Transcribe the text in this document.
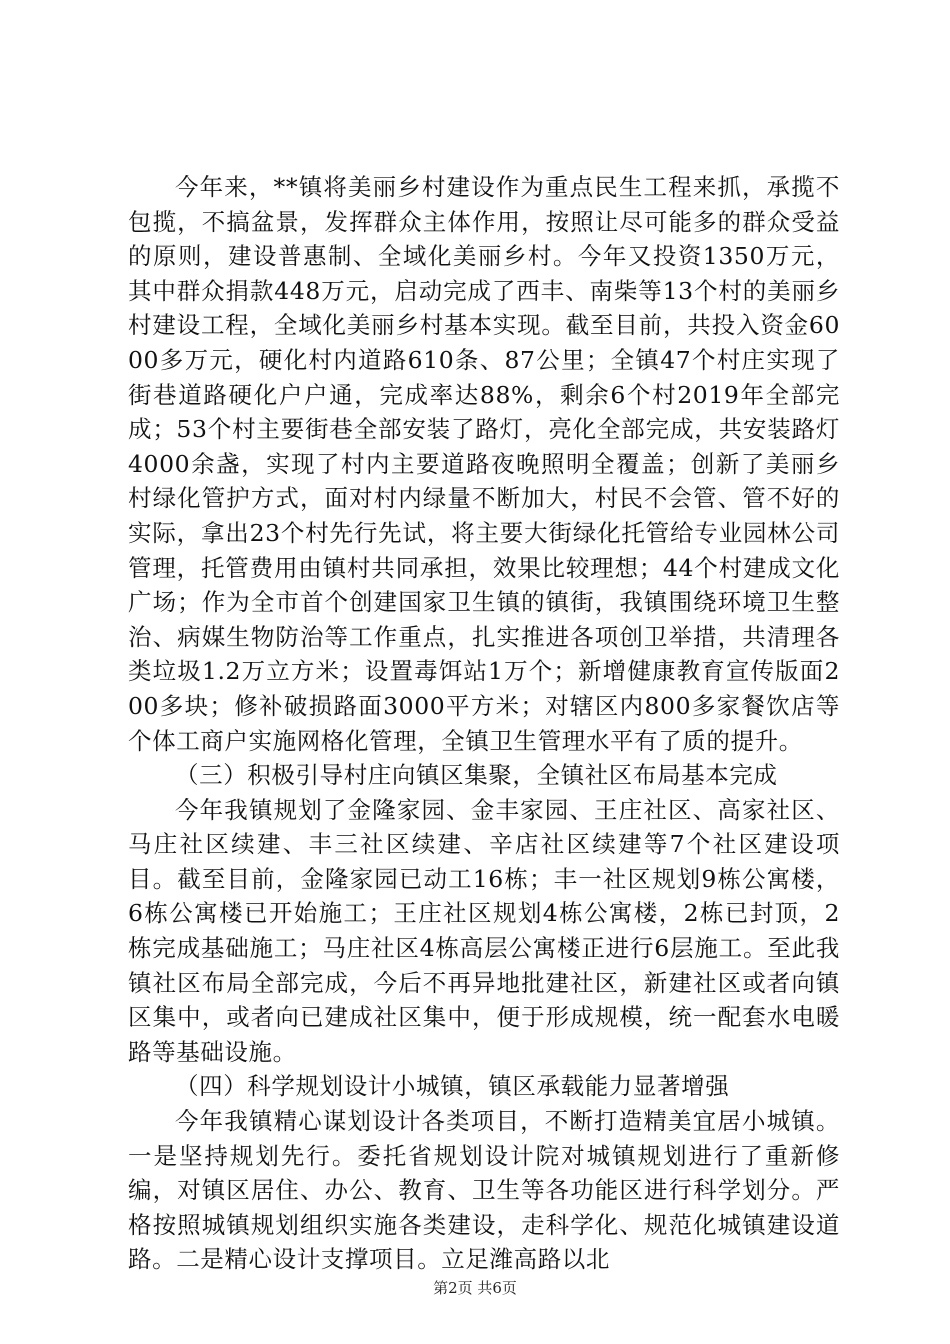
今年来，**镇将美丽乡村建设作为重点民生工程来抓，承揽不包揽，不搞盆景，发挥群众主体作用，按照让尽可能多的群众受益的原则，建设普惠制、全域化美丽乡村。今年又投资1350万元，其中群众捐款448万元，启动完成了西丰、南柴等13个村的美丽乡村建设工程，全域化美丽乡村基本实现。截至目前，共投入资金6000多万元，硬化村内道路610条、87公里；全镇47个村庄实现了街巷道路硬化户户通，完成率达88%，剩余6个村2019年全部完成；53个村主要街巷全部安装了路灯，亮化全部完成，共安装路灯4000余盏，实现了村内主要道路夜晚照明全覆盖；创新了美丽乡村绿化管护方式，面对村内绿量不断加大，村民不会管、管不好的实际，拿出23个村先行先试，将主要大街绿化托管给专业园林公司管理，托管费用由镇村共同承担，效果比较理想；44个村建成文化广场；作为全市首个创建国家卫生镇的镇街，我镇围绕环境卫生整治、病媒生物防治等工作重点，扎实推进各项创卫举措，共清理各类垃圾1.2万立方米；设置毒饵站1万个；新增健康教育宣传版面200多块；修补破损路面3000平方米；对辖区内800多家餐饮店等个体工商户实施网格化管理，全镇卫生管理水平有了质的提升。

（三）积极引导村庄向镇区集聚，全镇社区布局基本完成

今年我镇规划了金隆家园、金丰家园、王庄社区、高家社区、马庄社区续建、丰三社区续建、辛店社区续建等7个社区建设项目。截至目前，金隆家园已动工16栋；丰一社区规划9栋公寓楼，6栋公寓楼已开始施工；王庄社区规划4栋公寓楼，2栋已封顶，2栋完成基础施工；马庄社区4栋高层公寓楼正进行6层施工。至此我镇社区布局全部完成，今后不再异地批建社区，新建社区或者向镇区集中，或者向已建成社区集中，便于形成规模，统一配套水电暖路等基础设施。

（四）科学规划设计小城镇，镇区承载能力显著增强

今年我镇精心谋划设计各类项目，不断打造精美宜居小城镇。一是坚持规划先行。委托省规划设计院对城镇规划进行了重新修编，对镇区居住、办公、教育、卫生等各功能区进行科学划分。严格按照城镇规划组织实施各类建设，走科学化、规范化城镇建设道路。二是精心设计支撑项目。立足潍高路以北

第2页 共6页
